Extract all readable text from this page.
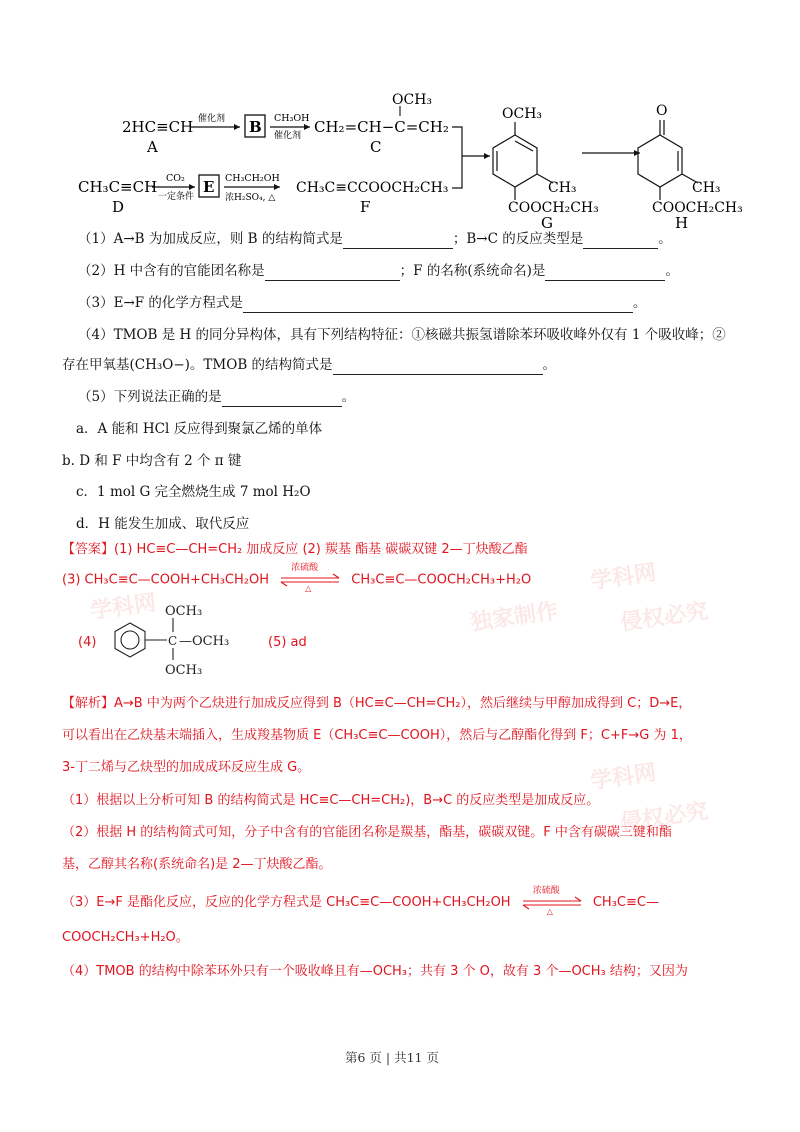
学科网
侵权必究
独家制作
学科网
侵权必究
学科网
2HC≡CH 催化剂 B CH₃OH
催化剂 CH₂=CH−C=CH₂
OCH₃
A	C
CH₃C≡CH CO₂
一定条件
E CH₃CH₂OH
浓H₂SO₄, △
CH₃C≡CCOOCH₂CH₃
D	F
OCH₃
CH₃
COOCH₂CH₃
G
O
CH₃
COOCH₂CH₃
H
（1）A→B 为加成反应，则 B 的结构简式是	；B→C 的反应类型是	。
（2）H 中含有的官能团名称是	；F 的名称(系统命名)是	。
（3）E→F 的化学方程式是	。
（4）TMOB 是 H 的同分异构体，具有下列结构特征：①核磁共振氢谱除苯环吸收峰外仅有 1 个吸收峰；②
存在甲氧基(CH₃O−)。TMOB 的结构简式是	。
（5）下列说法正确的是	。
a．A 能和 HCl 反应得到聚氯乙烯的单体
b. D 和 F 中均含有 2 个 π 键
c．1 mol G 完全燃烧生成 7 mol H₂O
d．H 能发生加成、取代反应
【答案】(1) HC≡C—CH=CH₂ 加成反应 (2) 羰基 酯基 碳碳双键 2—丁炔酸乙酯
(3) CH₃C≡C—COOH+CH₃CH₂OH
浓硫酸
△
CH₃C≡C—COOCH₂CH₃+H₂O
(4)	C
OCH₃
—OCH₃
OCH₃
(5) ad
【解析】A→B 中为两个乙炔进行加成反应得到 B（HC≡C—CH=CH₂），然后继续与甲醇加成得到 C；D→E，
可以看出在乙炔基末端插入，生成羧基物质 E（CH₃C≡C—COOH），然后与乙醇酯化得到 F；C+F→G 为 1，
3-丁二烯与乙炔型的加成成环反应生成 G。
（1）根据以上分析可知 B 的结构简式是 HC≡C—CH=CH₂)，B→C 的反应类型是加成反应。
（2）根据 H 的结构简式可知，分子中含有的官能团名称是羰基，酯基，碳碳双键。F 中含有碳碳三键和酯
基，乙醇其名称(系统命名)是 2—丁炔酸乙酯。
（3）E→F 是酯化反应，反应的化学方程式是 CH₃C≡C—COOH+CH₃CH₂OH
浓硫酸
△
CH₃C≡C—
COOCH₂CH₃+H₂O。
（4）TMOB 的结构中除苯环外只有一个吸收峰且有—OCH₃；共有 3 个 O，故有 3 个—OCH₃ 结构；又因为
第6 页 | 共11 页
